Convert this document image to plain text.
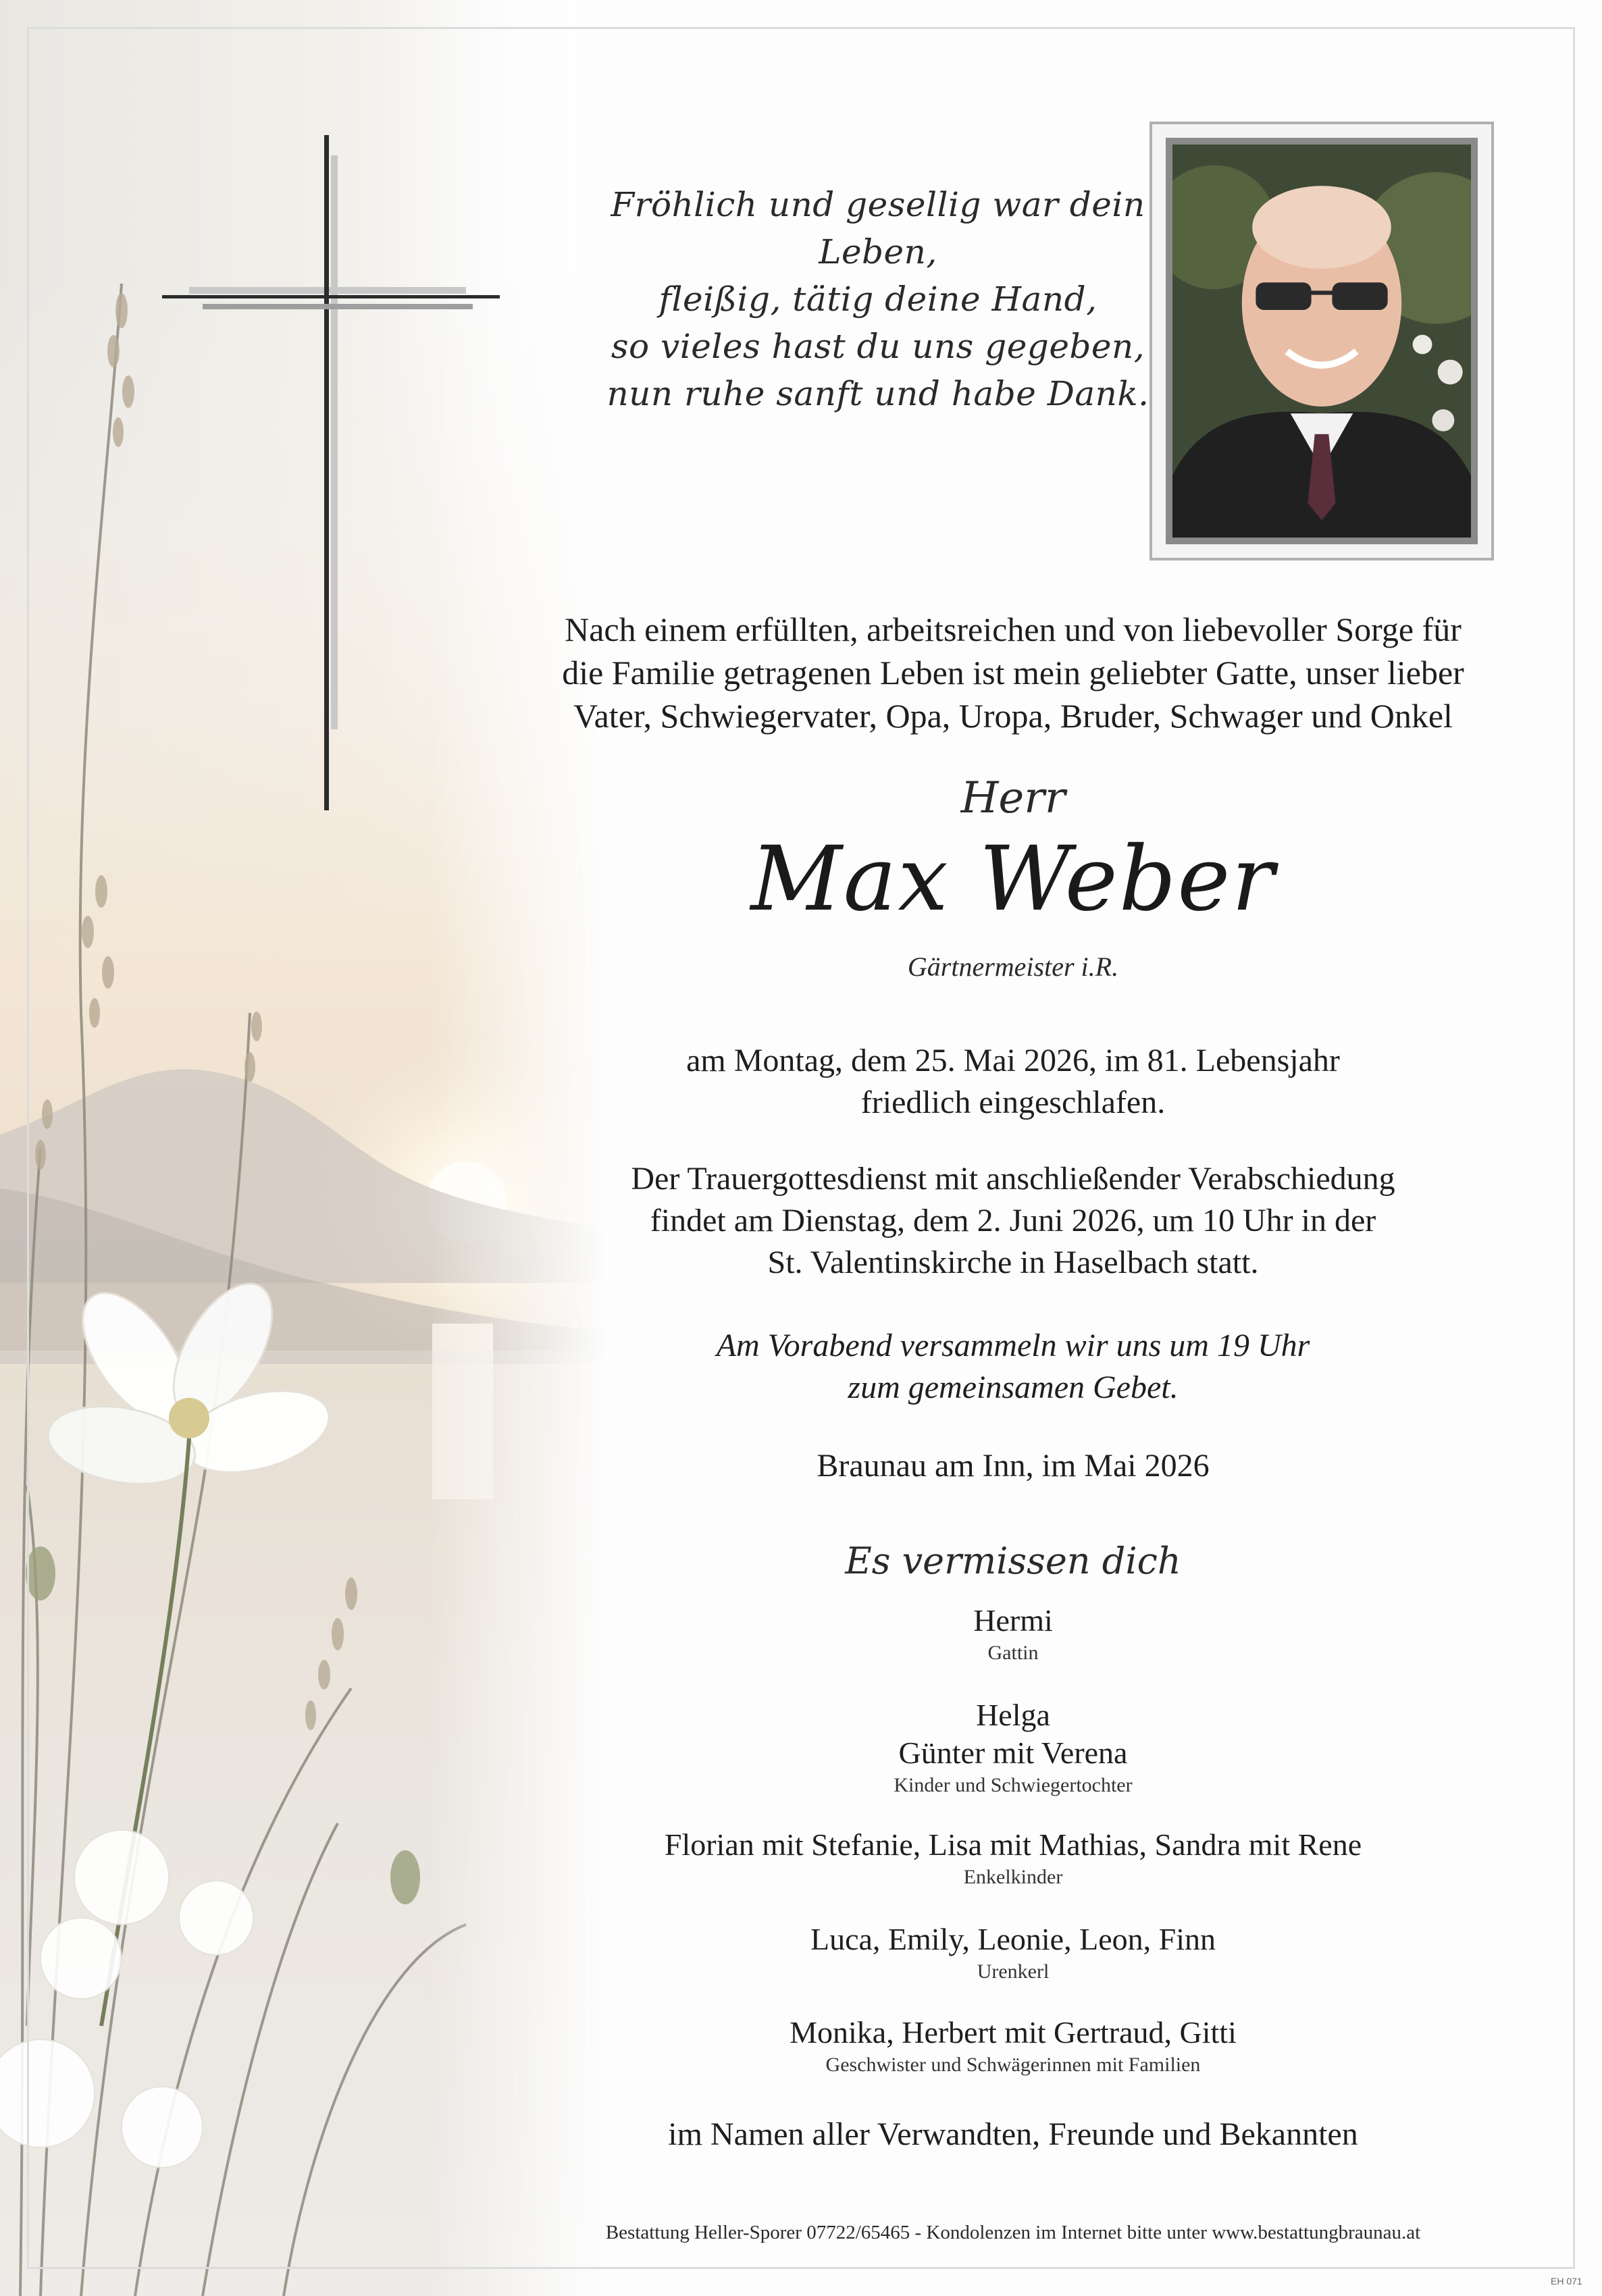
Fröhlich und gesellig war dein Leben,
fleißig, tätig deine Hand,
so vieles hast du uns gegeben,
nun ruhe sanft und habe Dank.
Nach einem erfüllten, arbeitsreichen und von liebevoller Sorge für
die Familie getragenen Leben ist mein geliebter Gatte, unser lieber
Vater, Schwiegervater, Opa, Uropa, Bruder, Schwager und Onkel
Herr
Max Weber
Gärtnermeister i.R.
am Montag, dem 25. Mai 2026, im 81. Lebensjahr
friedlich eingeschlafen.
Der Trauergottesdienst mit anschließender Verabschiedung
findet am Dienstag, dem 2. Juni 2026, um 10 Uhr in der
St. Valentinskirche in Haselbach statt.
Am Vorabend versammeln wir uns um 19 Uhr
zum gemeinsamen Gebet.
Braunau am Inn, im Mai 2026
Es vermissen dich
Hermi
Gattin
Helga
Günter mit Verena
Kinder und Schwiegertochter
Florian mit Stefanie, Lisa mit Mathias, Sandra mit Rene
Enkelkinder
Luca, Emily, Leonie, Leon, Finn
Urenkerl
Monika, Herbert mit Gertraud, Gitti
Geschwister und Schwägerinnen mit Familien
im Namen aller Verwandten, Freunde und Bekannten
Bestattung Heller-Sporer 07722/65465 - Kondolenzen im Internet bitte unter www.bestattungbraunau.at
EH 071
